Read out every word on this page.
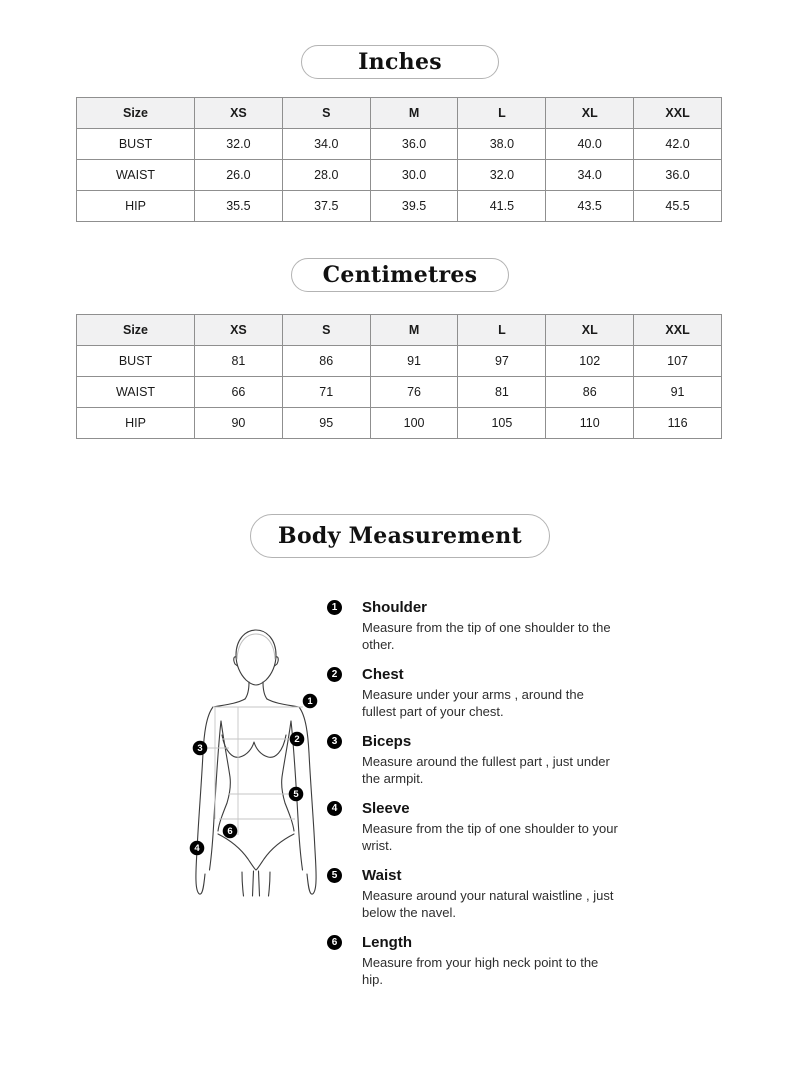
Inches
Size	XS	S	M	L	XL	XXL
BUST	32.0	34.0	36.0	38.0	40.0	42.0
WAIST	26.0	28.0	30.0	32.0	34.0	36.0
HIP	35.5	37.5	39.5	41.5	43.5	45.5
Centimetres
Size	XS	S	M	L	XL	XXL
BUST	81	86	91	97	102	107
WAIST	66	71	76	81	86	91
HIP	90	95	100	105	110	116
Body Measurement
1
2
3
4
5
6
1	Shoulder
Measure from the tip of one shoulder to the other.
2	Chest
Measure under your arms , around the fullest part of your chest.
3	Biceps
Measure around the fullest part , just under the armpit.
4	Sleeve
Measure from the tip of one shoulder to your wrist.
5	Waist
Measure around your natural waistline , just below the navel.
6	Length
Measure from your high neck point to the hip.
